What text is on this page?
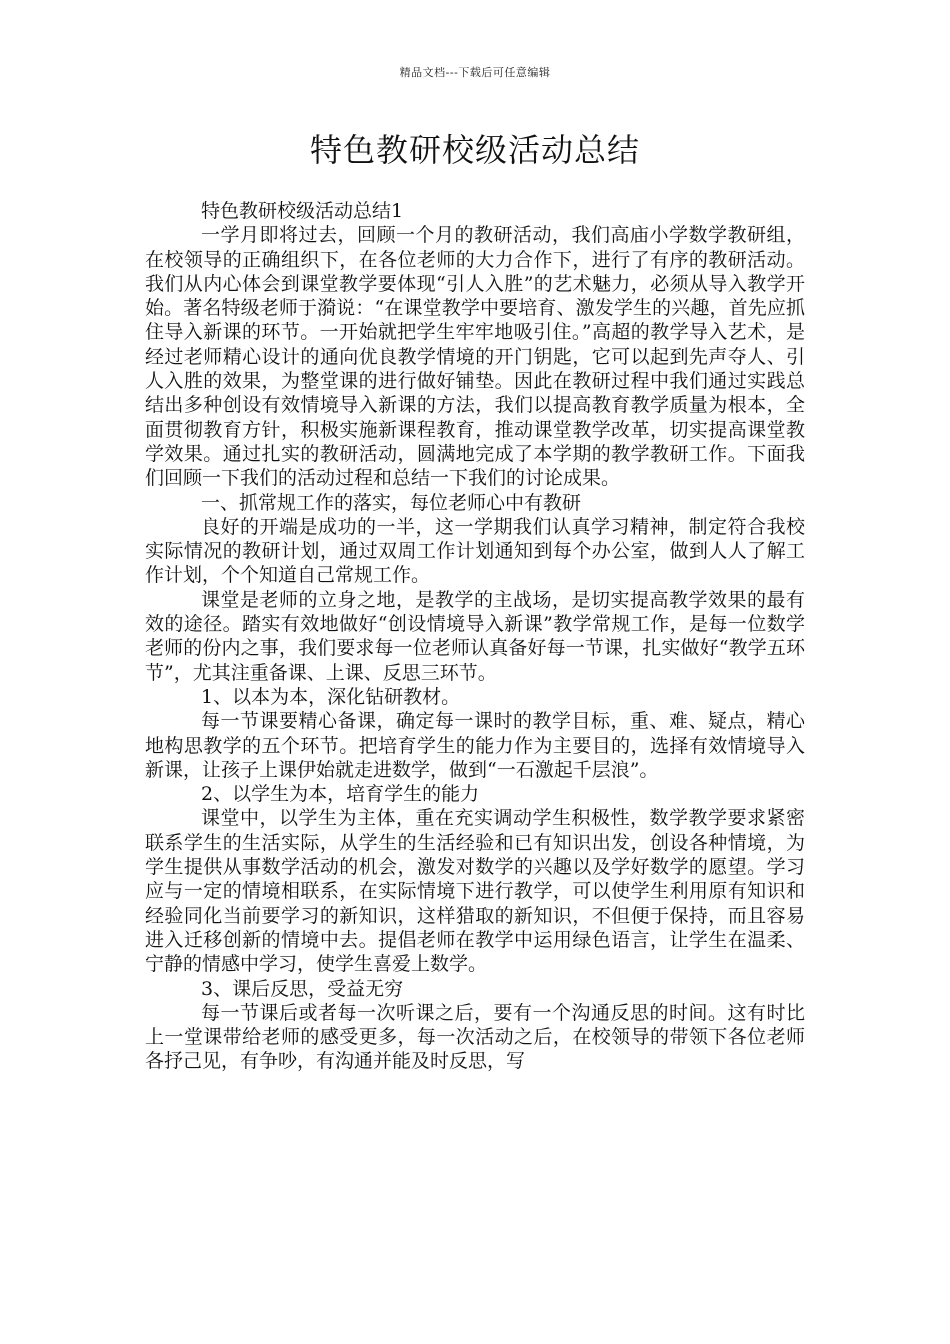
精品文档---下载后可任意编辑
特色教研校级活动总结

特色教研校级活动总结1

一学月即将过去，回顾一个月的教研活动，我们高庙小学数学教研组，在校领导的正确组织下，在各位老师的大力合作下，进行了有序的教研活动。我们从内心体会到课堂教学要体现“引人入胜”的艺术魅力，必须从导入教学开始。著名特级老师于漪说：“在课堂教学中要培育、激发学生的兴趣，首先应抓住导入新课的环节。一开始就把学生牢牢地吸引住。”高超的教学导入艺术，是经过老师精心设计的通向优良教学情境的开门钥匙，它可以起到先声夺人、引人入胜的效果，为整堂课的进行做好铺垫。因此在教研过程中我们通过实践总结出多种创设有效情境导入新课的方法，我们以提高教育教学质量为根本，全面贯彻教育方针，积极实施新课程教育，推动课堂教学改革，切实提高课堂教学效果。通过扎实的教研活动，圆满地完成了本学期的教学教研工作。下面我们回顾一下我们的活动过程和总结一下我们的讨论成果。

一、抓常规工作的落实，每位老师心中有教研

良好的开端是成功的一半，这一学期我们认真学习精神，制定符合我校实际情况的教研计划，通过双周工作计划通知到每个办公室，做到人人了解工作计划，个个知道自己常规工作。

课堂是老师的立身之地，是教学的主战场，是切实提高教学效果的最有效的途径。踏实有效地做好“创设情境导入新课”教学常规工作，是每一位数学老师的份内之事，我们要求每一位老师认真备好每一节课，扎实做好“教学五环节”，尤其注重备课、上课、反思三环节。

1、以本为本，深化钻研教材。

每一节课要精心备课，确定每一课时的教学目标，重、难、疑点，精心地构思教学的五个环节。把培育学生的能力作为主要目的，选择有效情境导入新课，让孩子上课伊始就走进数学，做到“一石激起千层浪”。

2、以学生为本，培育学生的能力

课堂中，以学生为主体，重在充实调动学生积极性，数学教学要求紧密联系学生的生活实际，从学生的生活经验和已有知识出发，创设各种情境，为学生提供从事数学活动的机会，激发对数学的兴趣以及学好数学的愿望。学习应与一定的情境相联系，在实际情境下进行教学，可以使学生利用原有知识和经验同化当前要学习的新知识，这样猎取的新知识，不但便于保持，而且容易进入迁移创新的情境中去。提倡老师在教学中运用绿色语言，让学生在温柔、宁静的情感中学习，使学生喜爱上数学。

3、课后反思，受益无穷

每一节课后或者每一次听课之后，要有一个沟通反思的时间。这有时比上一堂课带给老师的感受更多，每一次活动之后，在校领导的带领下各位老师各抒己见，有争吵，有沟通并能及时反思，写
